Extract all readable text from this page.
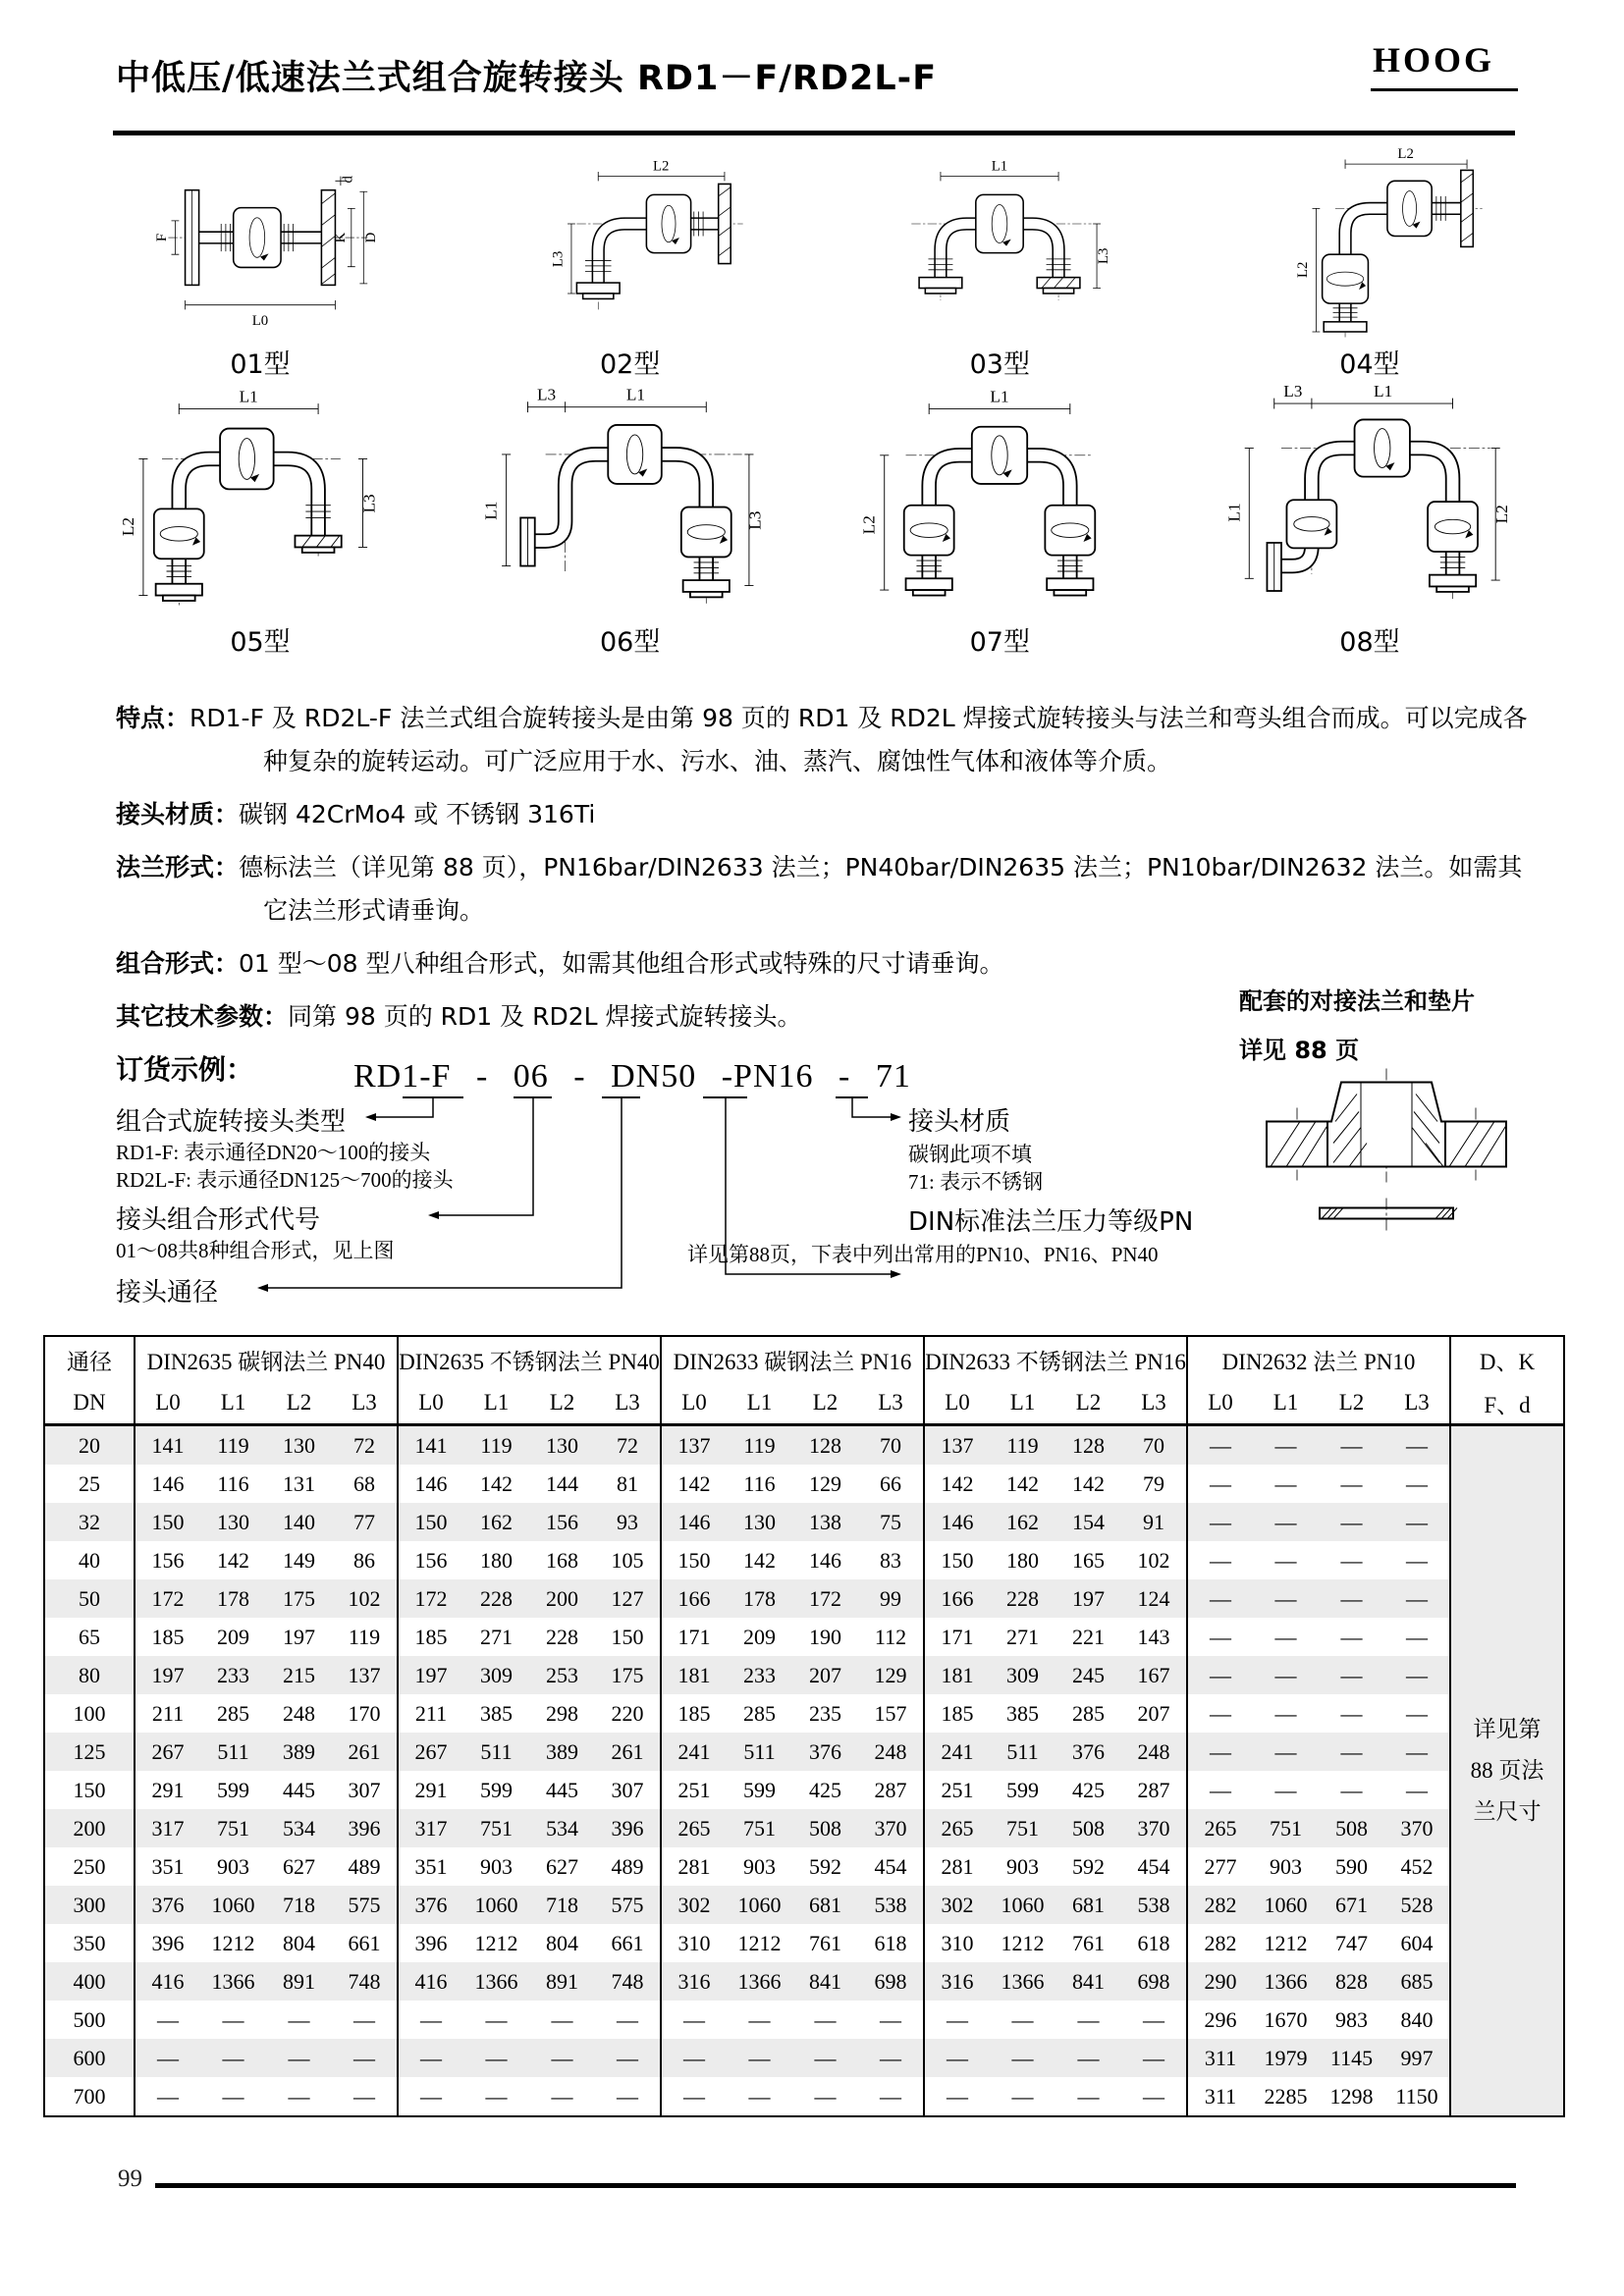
中低压/低速法兰式组合旋转接头 RD1－F/RD2L-F	HOOG
F
d
K D
L0
01型
L2
L3
02型
L1
L3
03型
L2
L2
04型
L1
L2
L3
05型
L3	L1
L1
L3
06型
L1
L2
07型
L3	L1
L1	L2
08型

特点：RD1-F 及 RD2L-F 法兰式组合旋转接头是由第 98 页的 RD1 及 RD2L 焊接式旋转接头与法兰和弯头组合而成。可以完成各种复杂的旋转运动。可广泛应用于水、污水、油、蒸汽、腐蚀性气体和液体等介质。

接头材质：碳钢 42CrMo4 或 不锈钢 316Ti

法兰形式：德标法兰（详见第 88 页），PN16bar/DIN2633 法兰；PN40bar/DIN2635 法兰；PN10bar/DIN2632 法兰。如需其它法兰形式请垂询。

组合形式：01 型～08 型八种组合形式，如需其他组合形式或特殊的尺寸请垂询。

其它技术参数：同第 98 页的 RD1 及 RD2L 焊接式旋转接头。

配套的对接法兰和垫片
详见 88 页
订货示例：	RD1-F - 06 - DN50 -PN16 - 71
组合式旋转接头类型
RD1-F: 表示通径DN20～100的接头
RD2L-F: 表示通径DN125～700的接头
接头组合形式代号
01～08共8种组合形式，见上图
接头通径
接头材质
碳钢此项不填
71: 表示不锈钢
DIN标准法兰压力等级PN
详见第88页，下表中列出常用的PN10、PN16、PN40
通径	DIN2635 碳钢法兰 PN40				DIN2635 不锈钢法兰 PN40				DIN2633 碳钢法兰 PN16				DIN2633 不锈钢法兰 PN16				DIN2632 法兰 PN10				D、K
DN	L0	L1	L2	L3	L0	L1	L2	L3	L0	L1	L2	L3	L0	L1	L2	L3	L0	L1	L2	L3	F、d
20	141	119	130	72	141	119	130	72	137	119	128	70	137	119	128	70	—	—	—	—	详见第
88 页法
兰尺寸

25	146	116	131	68	146	142	144	81	142	116	129	66	142	142	142	79	—	—	—	—	
32	150	130	140	77	150	162	156	93	146	130	138	75	146	162	154	91	—	—	—	—	
40	156	142	149	86	156	180	168	105	150	142	146	83	150	180	165	102	—	—	—	—	
50	172	178	175	102	172	228	200	127	166	178	172	99	166	228	197	124	—	—	—	—	
65	185	209	197	119	185	271	228	150	171	209	190	112	171	271	221	143	—	—	—	—	
80	197	233	215	137	197	309	253	175	181	233	207	129	181	309	245	167	—	—	—	—	
100	211	285	248	170	211	385	298	220	185	285	235	157	185	385	285	207	—	—	—	—	
125	267	511	389	261	267	511	389	261	241	511	376	248	241	511	376	248	—	—	—	—	
150	291	599	445	307	291	599	445	307	251	599	425	287	251	599	425	287	—	—	—	—	
200	317	751	534	396	317	751	534	396	265	751	508	370	265	751	508	370	265	751	508	370	
250	351	903	627	489	351	903	627	489	281	903	592	454	281	903	592	454	277	903	590	452	
300	376	1060	718	575	376	1060	718	575	302	1060	681	538	302	1060	681	538	282	1060	671	528	
350	396	1212	804	661	396	1212	804	661	310	1212	761	618	310	1212	761	618	282	1212	747	604	
400	416	1366	891	748	416	1366	891	748	316	1366	841	698	316	1366	841	698	290	1366	828	685	
500	—	—	—	—	—	—	—	—	—	—	—	—	—	—	—	—	296	1670	983	840	
600	—	—	—	—	—	—	—	—	—	—	—	—	—	—	—	—	311	1979	1145	997	
700	—	—	—	—	—	—	—	—	—	—	—	—	—	—	—	—	311	2285	1298	1150	
99
